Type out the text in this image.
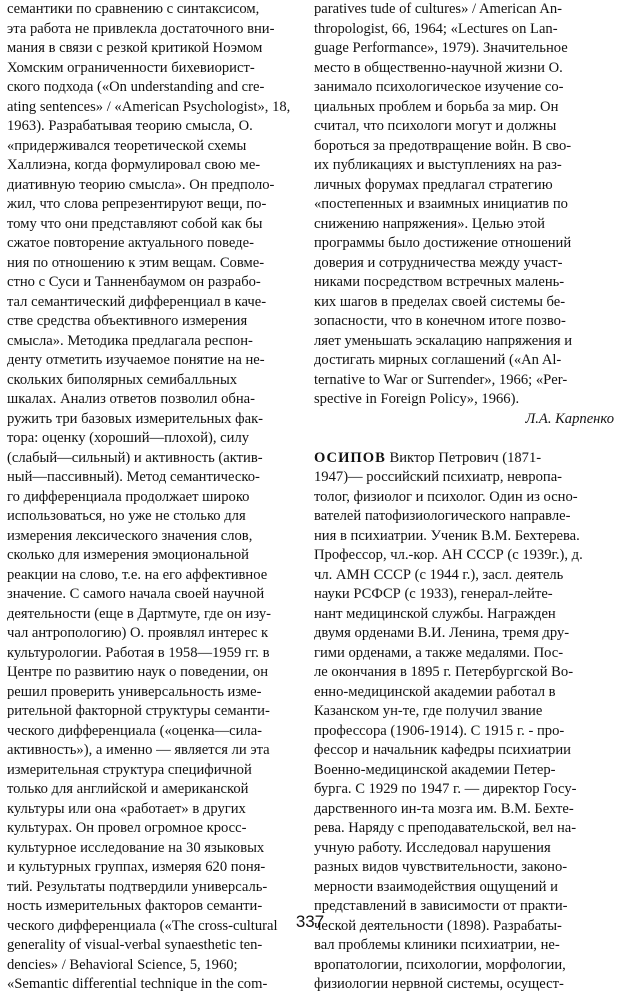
семантики по сравнению с синтаксисом,
эта работа не привлекла достаточного вни-
мания в связи с резкой критикой Ноэмом
Хомским ограниченности бихевиорист-
ского подхода («On understanding and cre-
ating sentences» / «American Psychologist», 18,
1963). Разрабатывая теорию смысла, О.
«придерживался теоретической схемы
Халлиэна, когда формулировал свою ме-
диативную теорию смысла». Он предполо-
жил, что слова репрезентируют вещи, по-
тому что они представляют собой как бы
сжатое повторение актуального поведе-
ния по отношению к этим вещам. Совме-
стно с Суси и Танненбаумом он разрабо-
тал семантический дифференциал в каче-
стве средства объективного измерения
смысла». Методика предлагала респон-
денту отметить изучаемое понятие на не-
скольких биполярных семибалльных
шкалах. Анализ ответов позволил обна-
ружить три базовых измерительных фак-
тора: оценку (хороший—плохой), силу
(слабый—сильный) и активность (актив-
ный—пассивный). Метод семантическо-
го дифференциала продолжает широко
использоваться, но уже не столько для
измерения лексического значения слов,
сколько для измерения эмоциональной
реакции на слово, т.е. на его аффективное
значение. С самого начала своей научной
деятельности (еще в Дартмуте, где он изу-
чал антропологию) О. проявлял интерес к
культурологии. Работая в 1958—1959 гг. в
Центре по развитию наук о поведении, он
решил проверить универсальность изме-
рительной факторной структуры семанти-
ческого дифференциала («оценка—сила-
активность»), а именно — является ли эта
измерительная структура специфичной
только для английской и американской
культуры или она «работает» в других
культурах. Он провел огромное кросс-
культурное исследование на 30 языковых
и культурных группах, измеряя 620 поня-
тий. Результаты подтвердили универсаль-
ность измерительных факторов семанти-
ческого дифференциала («The cross-cultural
generality of visual-verbal synaesthetic ten-
dencies» / Behavioral Science, 5, 1960;
«Semantic differential technique in the com-
paratives tude of cultures» / American An-
thropologist, 66, 1964; «Lectures on Lan-
guage Performance», 1979). Значительное
место в общественно-научной жизни О.
занимало психологическое изучение со-
циальных проблем и борьба за мир. Он
считал, что психологи могут и должны
бороться за предотвращение войн. В сво-
их публикациях и выступлениях на раз-
личных форумах предлагал стратегию
«постепенных и взаимных инициатив по
снижению напряжения». Целью этой
программы было достижение отношений
доверия и сотрудничества между участ-
никами посредством встречных малень-
ких шагов в пределах своей системы бе-
зопасности, что в конечном итоге позво-
ляет уменьшать эскалацию напряжения и
достигать мирных соглашений («An Al-
ternative to War or Surrender», 1966; «Per-
spective in Foreign Policy», 1966).
Л.А. Карпенко
ОСИПОВ Виктор Петрович (1871-
1947)— российский психиатр, невропа-
толог, физиолог и психолог. Один из осно-
вателей патофизиологического направле-
ния в психиатрии. Ученик В.М. Бехтерева.
Профессор, чл.-кор. АН СССР (с 1939г.), д.
чл. АМН СССР (с 1944 г.), засл. деятель
науки РСФСР (с 1933), генерал-лейте-
нант медицинской службы. Награжден
двумя орденами В.И. Ленина, тремя дру-
гими орденами, а также медалями. Пос-
ле окончания в 1895 г. Петербургской Во-
енно-медицинской академии работал в
Казанском ун-те, где получил звание
профессора (1906-1914). С 1915 г. - про-
фессор и начальник кафедры психиатрии
Военно-медицинской академии Петер-
бурга. С 1929 по 1947 г. — директор Госу-
дарственного ин-та мозга им. В.М. Бехте-
рева. Наряду с преподавательской, вел на-
учную работу. Исследовал нарушения
разных видов чувствительности, законо-
мерности взаимодействия ощущений и
представлений в зависимости от практи-
ческой деятельности (1898). Разрабаты-
вал проблемы клиники психиатрии, не-
вропатологии, психологии, морфологии,
физиологии нервной системы, осущест-
337
